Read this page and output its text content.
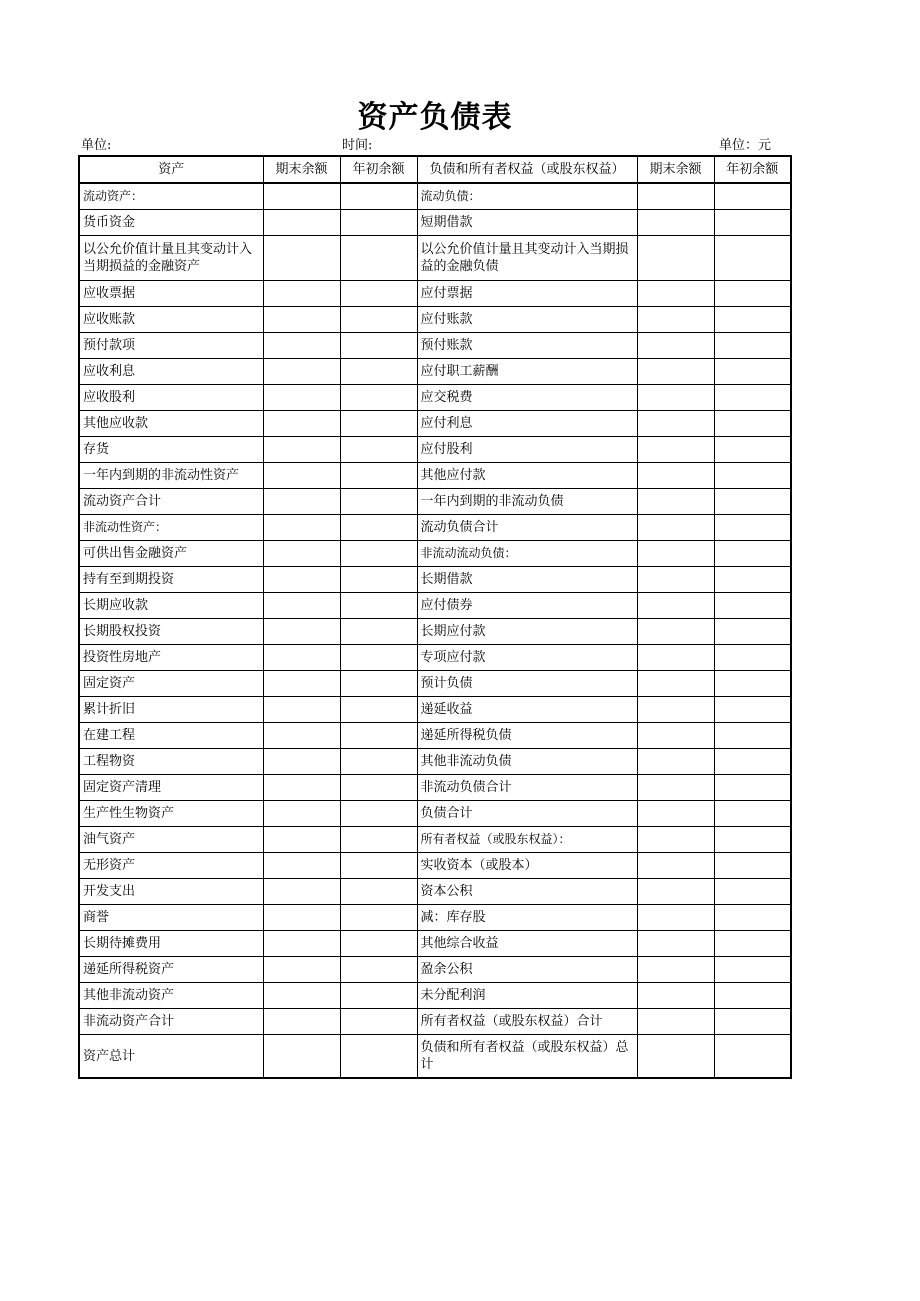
资产负债表
单位:	时间:	单位：元
资产	期末余额	年初余额	负债和所有者权益（或股东权益）	期末余额	年初余额
流动资产：			流动负债：		
货币资金			短期借款		
以公允价值计量且其变动计入当期损益的金融资产			以公允价值计量且其变动计入当期损益的金融负债		
应收票据			应付票据		
应收账款			应付账款		
预付款项			预付账款		
应收利息			应付职工薪酬		
应收股利			应交税费		
其他应收款			应付利息		
存货			应付股利		
一年内到期的非流动性资产			其他应付款		
流动资产合计			一年内到期的非流动负债		
非流动性资产：			流动负债合计		
可供出售金融资产			非流动流动负债：		
持有至到期投资			长期借款		
长期应收款			应付债券		
长期股权投资			长期应付款		
投资性房地产			专项应付款		
固定资产			预计负债		
累计折旧			递延收益		
在建工程			递延所得税负债		
工程物资			其他非流动负债		
固定资产清理			非流动负债合计		
生产性生物资产			负债合计		
油气资产			所有者权益（或股东权益）：		
无形资产			实收资本（或股本）		
开发支出			资本公积		
商誉			减：库存股		
长期待摊费用			其他综合收益		
递延所得税资产			盈余公积		
其他非流动资产			未分配利润		
非流动资产合计			所有者权益（或股东权益）合计		
资产总计			负债和所有者权益（或股东权益）总计		
